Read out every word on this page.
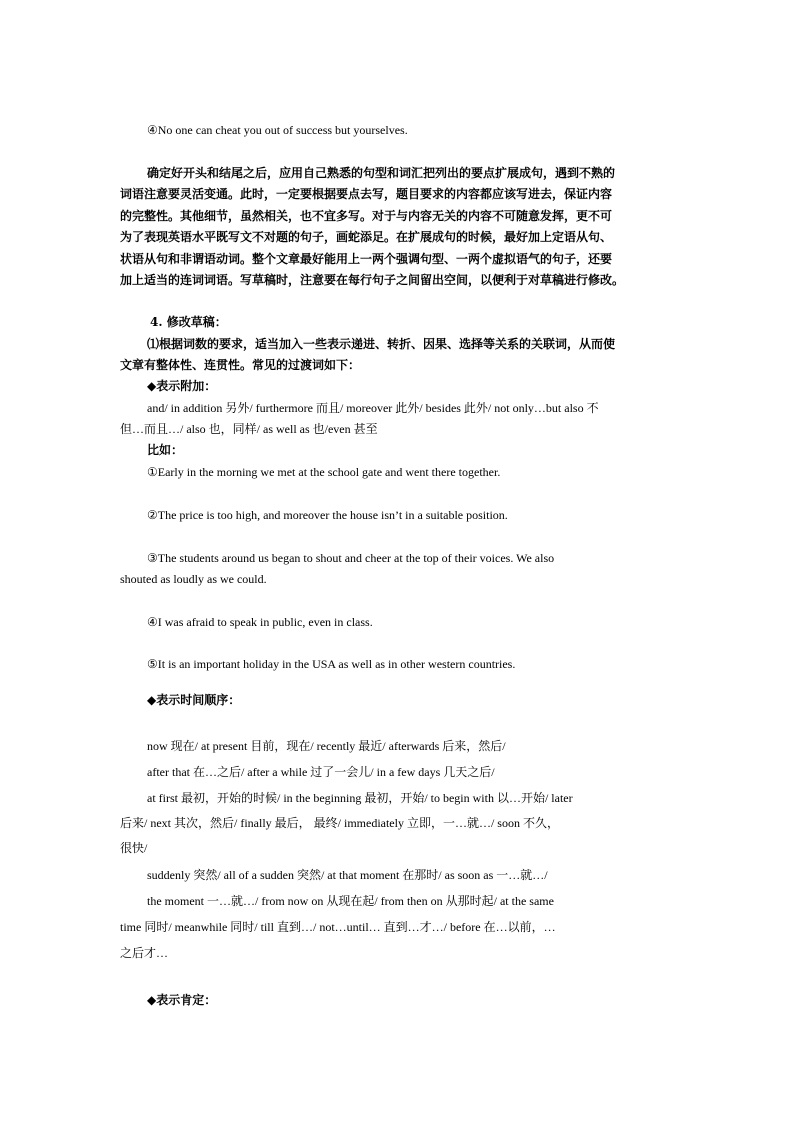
④No one can cheat you out of success but yourselves.
确定好开头和结尾之后，应用自己熟悉的句型和词汇把列出的要点扩展成句，遇到不熟的
词语注意要灵活变通。此时，一定要根据要点去写，题目要求的内容都应该写进去，保证内容
的完整性。其他细节，虽然相关，也不宜多写。对于与内容无关的内容不可随意发挥，更不可
为了表现英语水平既写文不对题的句子，画蛇添足。在扩展成句的时候，最好加上定语从句、
状语从句和非谓语动词。整个文章最好能用上一两个强调句型、一两个虚拟语气的句子，还要
加上适当的连词词语。写草稿时，注意要在每行句子之间留出空间，以便利于对草稿进行修改。
4. 修改草稿：
⑴根据词数的要求，适当加入一些表示递进、转折、因果、选择等关系的关联词，从而使
文章有整体性、连贯性。常见的过渡词如下：
◆表示附加：
and/ in addition 另外/ furthermore 而且/ moreover 此外/ besides 此外/ not only…but also 不
但…而且…/ also 也，同样/ as well as 也/even 甚至
比如：
①Early in the morning we met at the school gate and went there together.
②The price is too high, and moreover the house isn’t in a suitable position.
③The students around us began to shout and cheer at the top of their voices. We also
shouted as loudly as we could.
④I was afraid to speak in public, even in class.
⑤It is an important holiday in the USA as well as in other western countries.
◆表示时间顺序：
now 现在/ at present 目前，现在/ recently 最近/ afterwards 后来，然后/
after that 在…之后/ after a while 过了一会儿/ in a few days 几天之后/
at first 最初，开始的时候/ in the beginning 最初，开始/ to begin with 以…开始/ later
后来/ next 其次，然后/ finally 最后， 最终/ immediately 立即，一…就…/ soon 不久，
很快/
suddenly 突然/ all of a sudden 突然/ at that moment 在那时/ as soon as 一…就…/
the moment 一…就…/ from now on 从现在起/ from then on 从那时起/ at the same
time 同时/ meanwhile 同时/ till 直到…/ not…until… 直到…才…/ before 在…以前，…
之后才…
◆表示肯定：
